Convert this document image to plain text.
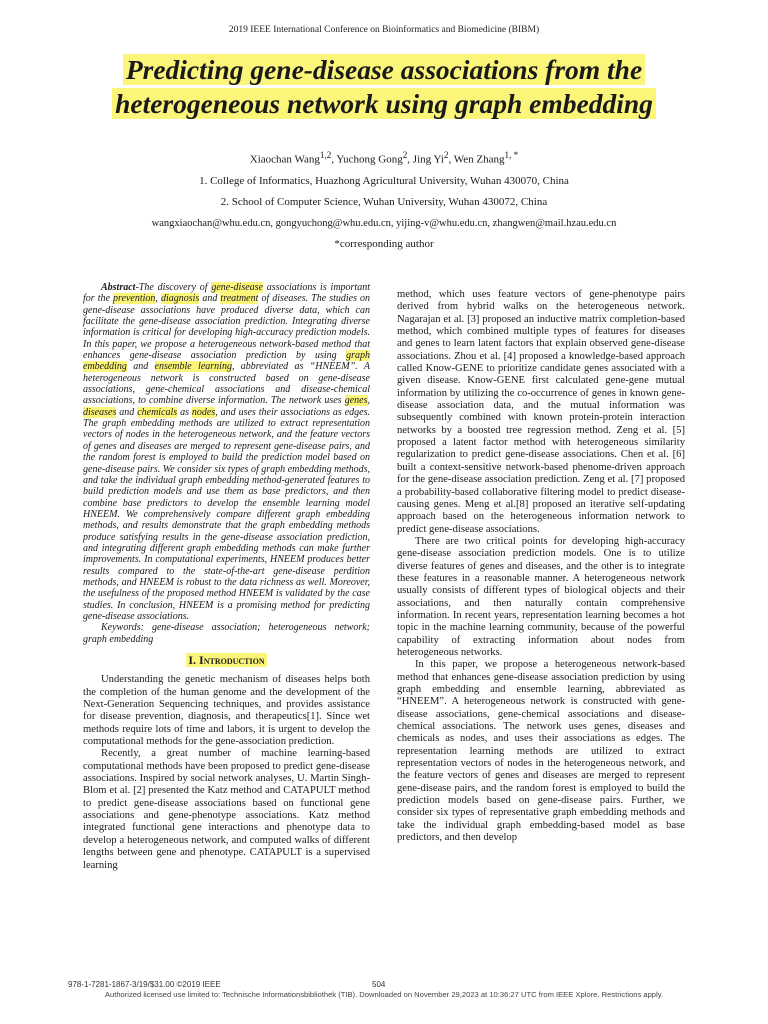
2019 IEEE International Conference on Bioinformatics and Biomedicine (BIBM)
Predicting gene-disease associations from the
heterogeneous network using graph embedding
Xiaochan Wang$^{1,2}$, Yuchong Gong$^2$, Jing Yi$^2$, Wen Zhang$^{1, *}$
1. College of Informatics, Huazhong Agricultural University, Wuhan 430070, China
2. School of Computer Science, Wuhan University, Wuhan 430072, China
wangxiaochan@whu.edu.cn, gongyuchong@whu.edu.cn, yijing-v@whu.edu.cn, zhangwen@mail.hzau.edu.cn
*corresponding author

Abstract-The discovery of gene-disease associations is important for the prevention, diagnosis and treatment of diseases. The studies on gene-disease associations have produced diverse data, which can facilitate the gene-disease association prediction. Integrating diverse information is critical for developing high-accuracy prediction models. In this paper, we propose a heterogeneous network-based method that enhances gene-disease association prediction by using graph embedding and ensemble learning, abbreviated as “HNEEM”. A heterogeneous network is constructed based on gene-disease associations, gene-chemical associations and disease-chemical associations, to combine diverse information. The network uses genes, diseases and chemicals as nodes, and uses their associations as edges. The graph embedding methods are utilized to extract representation vectors of nodes in the heterogeneous network, and the feature vectors of genes and diseases are merged to represent gene-disease pairs, and the random forest is employed to build the prediction model based on gene-disease pairs. We consider six types of graph embedding methods, and take the individual graph embedding method-generated features to build prediction models and use them as base predictors, and then combine base predictors to develop the ensemble learning model HNEEM. We comprehensively compare different graph embedding methods, and results demonstrate that the graph embedding methods produce satisfying results in the gene-disease association prediction, and integrating different graph embedding methods can make further improvements. In computational experiments, HNEEM produces better results compared to the state-of-the-art gene-disease perdition methods, and HNEEM is robust to the data richness as well. Moreover, the usefulness of the proposed method HNEEM is validated by the case studies. In conclusion, HNEEM is a promising method for predicting gene-disease associations.

Keywords: gene-disease association; heterogeneous network; graph embedding

I. Introduction

Understanding the genetic mechanism of diseases helps both the completion of the human genome and the development of the Next-Generation Sequencing techniques, and provides assistance for disease prevention, diagnosis, and therapeutics[1]. Since wet methods require lots of time and labors, it is urgent to develop the computational methods for the gene-association prediction.

Recently, a great number of machine learning-based computational methods have been proposed to predict gene-disease associations. Inspired by social network analyses, U. Martin Singh-Blom et al. [2] presented the Katz method and CATAPULT method to predict gene-disease associations based on functional gene associations and gene-phenotype associations. Katz method integrated functional gene interactions and phenotype data to develop a heterogeneous network, and computed walks of different lengths between gene and phenotype. CATAPULT is a supervised learning

method, which uses feature vectors of gene-phenotype pairs derived from hybrid walks on the heterogeneous network. Nagarajan et al. [3] proposed an inductive matrix completion-based method, which combined multiple types of features for diseases and genes to learn latent factors that explain observed gene-disease associations. Zhou et al. [4] proposed a knowledge-based approach called Know-GENE to prioritize candidate genes associated with a given disease. Know-GENE first calculated gene-gene mutual information by utilizing the co-occurrence of genes in known gene-disease association data, and the mutual information was subsequently combined with known protein-protein interaction networks by a boosted tree regression method. Zeng et al. [5] proposed a latent factor method with heterogeneous similarity regularization to predict gene-disease associations. Chen et al. [6] built a context-sensitive network-based phenome-driven approach for the gene-disease association prediction. Zeng et al. [7] proposed a probability-based collaborative filtering model to predict disease-causing genes. Meng et al.[8] proposed an iterative self-updating approach based on the heterogeneous information network to predict gene-disease associations.

There are two critical points for developing high-accuracy gene-disease association prediction models. One is to utilize diverse features of genes and diseases, and the other is to integrate these features in a reasonable manner. A heterogeneous network usually consists of different types of biological objects and their associations, and then naturally contain comprehensive information. In recent years, representation learning becomes a hot topic in the machine learning community, because of the powerful capability of extracting information about nodes from heterogeneous networks.

In this paper, we propose a heterogeneous network-based method that enhances gene-disease association prediction by using graph embedding and ensemble learning, abbreviated as “HNEEM”. A heterogeneous network is constructed with gene-disease associations, gene-chemical associations and disease-chemical associations. The network uses genes, diseases and chemicals as nodes, and uses their associations as edges. The representation learning methods are utilized to extract representation vectors of nodes in the heterogeneous network, and the feature vectors of genes and diseases are merged to represent gene-disease pairs, and the random forest is employed to build the prediction models based on gene-disease pairs. Further, we consider six types of representative graph embedding methods and take the individual graph embedding-based model as base predictors, and then develop

978-1-7281-1867-3/19/$31.00 ©2019 IEEE	504
Authorized licensed use limited to: Technische Informationsbibliothek (TIB). Downloaded on November 29,2023 at 10:36:27 UTC from IEEE Xplore. Restrictions apply.
